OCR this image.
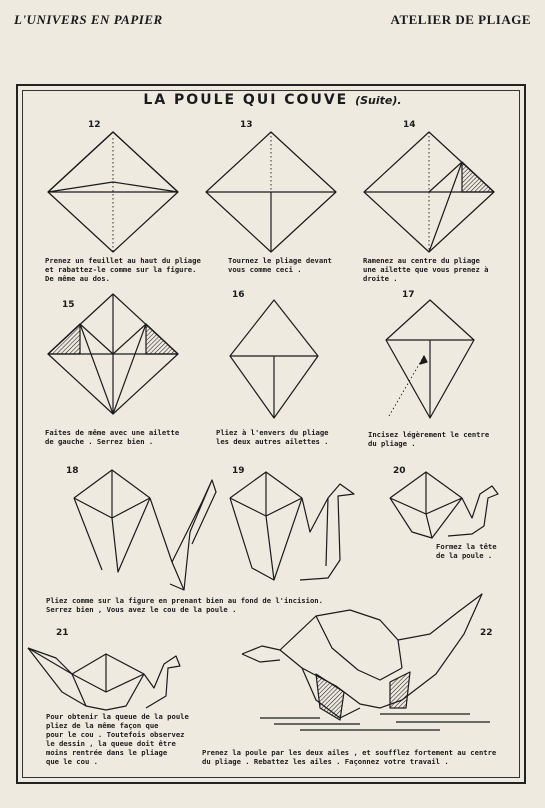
L'UNIVERS EN PAPIER	ATELIER DE PLIAGE
LA POULE QUI COUVE (Suite).
12
Prenez un feuillet au haut du pliage
et rabattez-le comme sur la figure.
De même au dos.
13
Tournez le pliage devant
vous comme ceci .
14
Ramenez au centre du pliage
une ailette que vous prenez à
droite .
15
Faites de même avec une ailette
de gauche . Serrez bien .
16
Pliez à l'envers du pliage
les deux autres ailettes .
17
Incisez légèrement le centre
du pliage .
18	19	20
Formez la tête
de la poule .
Pliez comme sur la figure en prenant bien au fond de l'incision.
Serrez bien , Vous avez le cou de la poule .
21
Pour obtenir la queue de la poule
pliez de la même façon que
pour le cou . Toutefois observez
le dessin , la queue doit être
moins rentrée dans le pliage
que le cou .
22
Prenez la poule par les deux ailes , et soufflez fortement au centre
du pliage . Rebattez les ailes . Façonnez votre travail .
